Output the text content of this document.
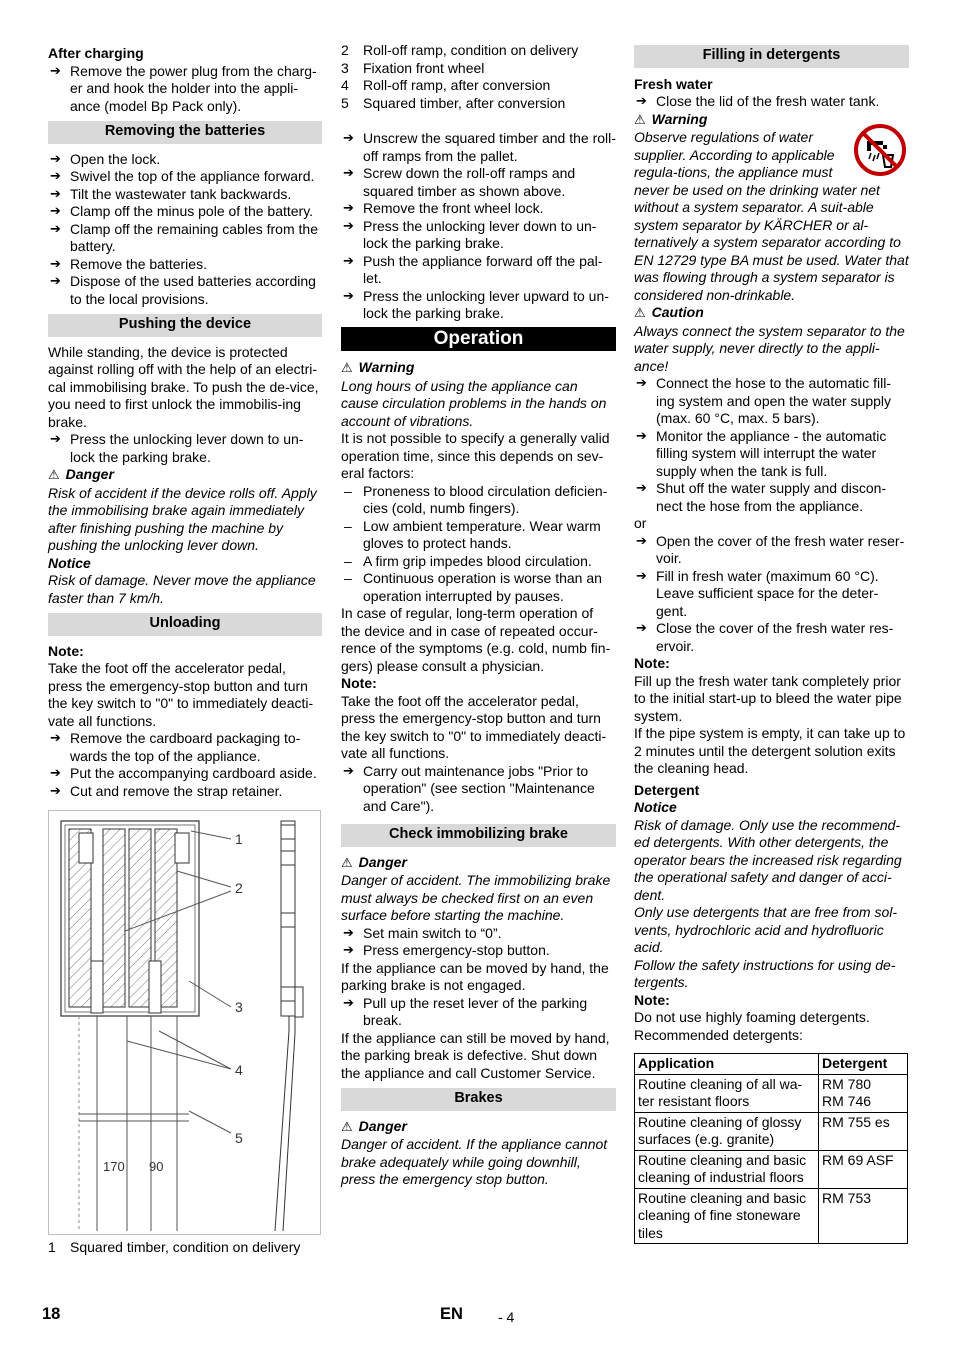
After charging

➔ Remove the power plug from the charg-er and hook the holder into the appli-ance (model Bp Pack only).

Removing the batteries

➔ Open the lock.

➔ Swivel the top of the appliance forward.

➔ Tilt the wastewater tank backwards.

➔ Clamp off the minus pole of the battery.

➔ Clamp off the remaining cables from the battery.

➔ Remove the batteries.

➔ Dispose of the used batteries according to the local provisions.

Pushing the device

While standing, the device is protected against rolling off with the help of an electri-cal immobilising brake. To push the de-vice, you need to first unlock the immobilis-ing brake.

➔ Press the unlocking lever down to un-lock the parking brake.

⚠ Danger

Risk of accident if the device rolls off. Apply the immobilising brake again immediately after finishing pushing the machine by pushing the unlocking lever down.

Notice

Risk of damage. Never move the appliance faster than 7 km/h.

Unloading

Note:

Take the foot off the accelerator pedal, press the emergency-stop button and turn the key switch to "0" to immediately deacti-vate all functions.

➔ Remove the cardboard packaging to-wards the top of the appliance.

➔ Put the accompanying cardboard aside.

➔ Cut and remove the strap retainer.

1
2
3
4
5
170 90

1 Squared timber, condition on delivery

2 Roll-off ramp, condition on delivery

3 Fixation front wheel

4 Roll-off ramp, after conversion

5 Squared timber, after conversion

➔ Unscrew the squared timber and the roll-off ramps from the pallet.

➔ Screw down the roll-off ramps and squared timber as shown above.

➔ Remove the front wheel lock.

➔ Press the unlocking lever down to un-lock the parking brake.

➔ Push the appliance forward off the pal-let.

➔ Press the unlocking lever upward to un-lock the parking brake.

Operation

⚠ Warning

Long hours of using the appliance can cause circulation problems in the hands on account of vibrations.

It is not possible to specify a generally valid operation time, since this depends on sev-eral factors:

– Proneness to blood circulation deficien-cies (cold, numb fingers).

– Low ambient temperature. Wear warm gloves to protect hands.

– A firm grip impedes blood circulation.

– Continuous operation is worse than an operation interrupted by pauses.

In case of regular, long-term operation of the device and in case of repeated occur-rence of the symptoms (e.g. cold, numb fin-gers) please consult a physician.

Note:

Take the foot off the accelerator pedal, press the emergency-stop button and turn the key switch to "0" to immediately deacti-vate all functions.

➔ Carry out maintenance jobs "Prior to operation" (see section "Maintenance and Care").

Check immobilizing brake

⚠ Danger

Danger of accident. The immobilizing brake must always be checked first on an even surface before starting the machine.

➔ Set main switch to “0”.

➔ Press emergency-stop button.

If the appliance can be moved by hand, the parking brake is not engaged.

➔ Pull up the reset lever of the parking break.

If the appliance can still be moved by hand, the parking break is defective. Shut down the appliance and call Customer Service.

Brakes

⚠ Danger

Danger of accident. If the appliance cannot brake adequately while going downhill, press the emergency stop button.

Filling in detergents

Fresh water

➔ Close the lid of the fresh water tank.

⚠ Warning

Observe regulations of water supplier. According to applicable regula-tions, the appliance must never be used on the drinking water net without a system separator. A suit-able system separator by KÄRCHER or al-ternatively a system separator according to EN 12729 type BA must be used. Water that was flowing through a system separator is considered non-drinkable.

⚠ Caution

Always connect the system separator to the water supply, never directly to the appli-ance!

➔ Connect the hose to the automatic fill-ing system and open the water supply (max. 60 °C, max. 5 bars).

➔ Monitor the appliance - the automatic filling system will interrupt the water supply when the tank is full.

➔ Shut off the water supply and discon-nect the hose from the appliance.

or

➔ Open the cover of the fresh water reser-voir.

➔ Fill in fresh water (maximum 60 °C). Leave sufficient space for the deter-gent.

➔ Close the cover of the fresh water res-ervoir.

Note:

Fill up the fresh water tank completely prior to the initial start-up to bleed the water pipe system.

If the pipe system is empty, it can take up to 2 minutes until the detergent solution exits the cleaning head.

Detergent

Notice

Risk of damage. Only use the recommend-ed detergents. With other detergents, the operator bears the increased risk regarding the operational safety and danger of acci-dent.

Only use detergents that are free from sol-vents, hydrochloric acid and hydrofluoric acid.

Follow the safety instructions for using de-tergents.

Note:

Do not use highly foaming detergents.

Recommended detergents:

Application	Detergent
Routine cleaning of all wa-ter resistant floors	RM 780
RM 746
Routine cleaning of glossy surfaces (e.g. granite)	RM 755 es
Routine cleaning and basic cleaning of industrial floors	RM 69 ASF
Routine cleaning and basic cleaning of fine stoneware tiles	RM 753
18	EN	- 4
